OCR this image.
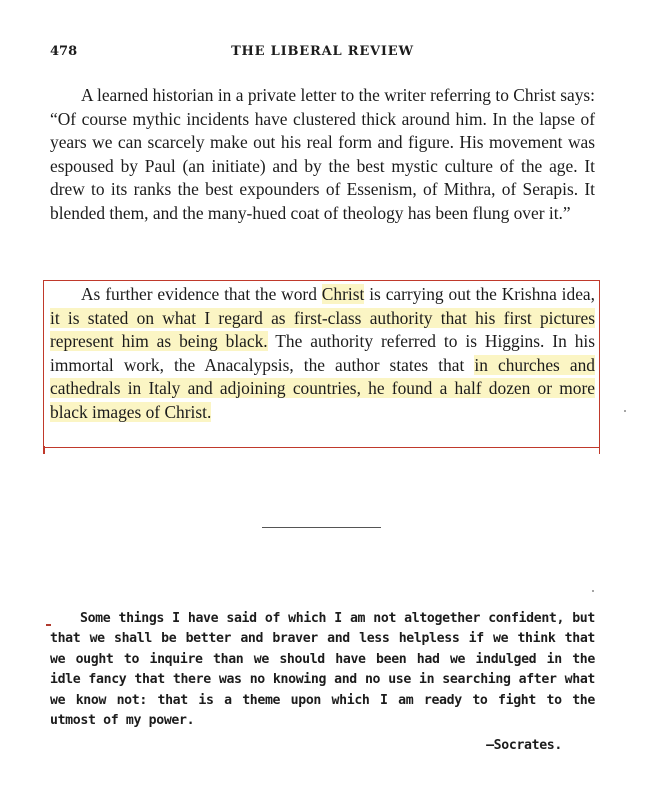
478	THE LIBERAL REVIEW

A learned historian in a private letter to the writer referring to Christ says: “Of course mythic incidents have clustered thick around him. In the lapse of years we can scarcely make out his real form and figure. His movement was espoused by Paul (an initiate) and by the best mystic culture of the age. It drew to its ranks the best expounders of Essenism, of Mithra, of Serapis. It blended them, and the many-hued coat of theology has been flung over it.”

As further evidence that the word Christ is carrying out the Krishna idea, it is stated on what I regard as first-class authority that his first pictures represent him as being black. The authority referred to is Higgins. In his immortal work, the Anacalypsis, the author states that in churches and cathedrals in Italy and adjoining countries, he found a half dozen or more black images of Christ.

Some things I have said of which I am not altogether confident, but that we shall be better and braver and less helpless if we think that we ought to inquire than we should have been had we indulged in the idle fancy that there was no knowing and no use in searching after what we know not: that is a theme upon which I am ready to fight to the utmost of my power.

—Socrates.
